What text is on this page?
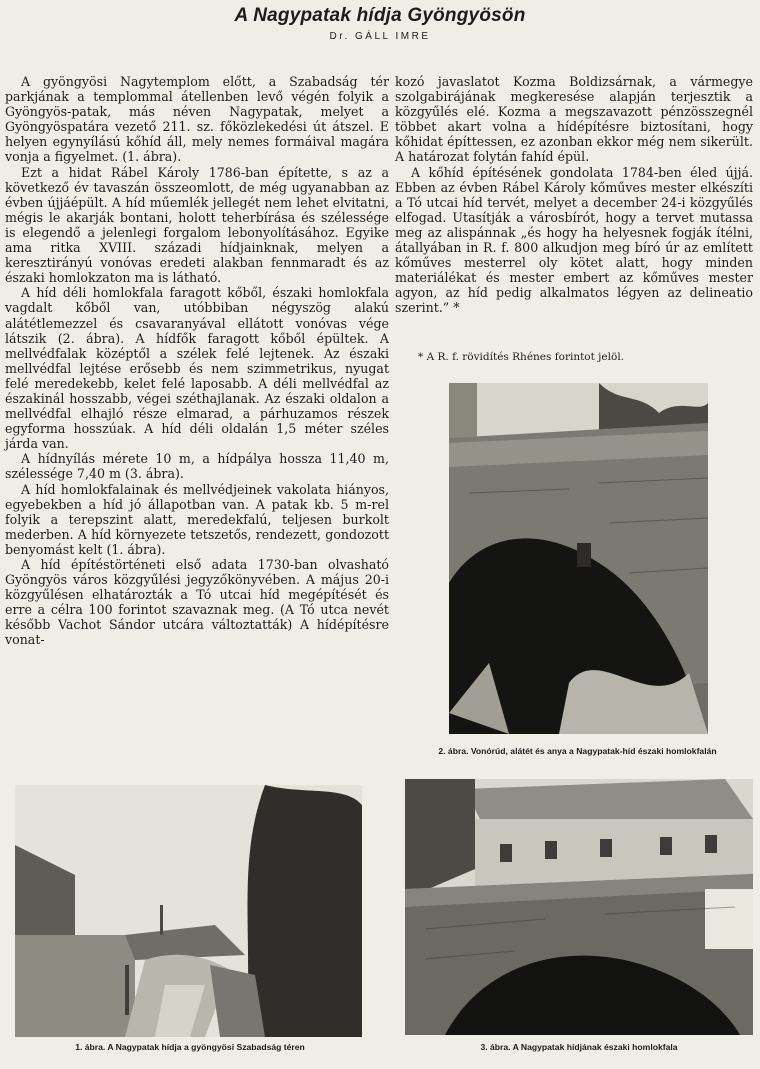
A Nagypatak hídja Gyöngyösön
Dr. GÁLL IMRE

A gyöngyösi Nagytemplom előtt, a Szabadság tér parkjának a templommal átellenben levő végén folyik a Gyöngyös-patak, más néven Nagypatak, melyet a Gyöngyöspatára vezető 211. sz. főközlekedési út átszel. E helyen egynyílású kőhíd áll, mely nemes formáival magára vonja a figyelmet. (1. ábra).

Ezt a hidat Rábel Károly 1786-ban építette, s az a következő év tavaszán összeomlott, de még ugyanabban az évben újjáépült. A híd műemlék jellegét nem lehet elvitatni, mégis le akarják bontani, holott teherbírása és szélessége is elegendő a jelenlegi forgalom lebonyolításához. Egyike ama ritka XVIII. századi hídjainknak, melyen a keresztirányú vonóvas eredeti alakban fennmaradt és az északi homlokzaton ma is látható.

A híd déli homlokfala faragott kőből, északi homlokfala vagdalt kőből van, utóbbiban négyszög alakú alátétlemezzel és csavaranyával ellátott vonóvas vége látszik (2. ábra). A hídfők faragott kőből épültek. A mellvédfalak középtől a szélek felé lejtenek. Az északi mellvédfal lejtése erősebb és nem szimmetrikus, nyugat felé meredekebb, kelet felé laposabb. A déli mellvédfal az északinál hosszabb, végei széthajlanak. Az északi oldalon a mellvédfal elhajló része elmarad, a párhuzamos részek egyforma hosszúak. A híd déli oldalán 1,5 méter széles járda van.

A hídnyílás mérete 10 m, a hídpálya hossza 11,40 m, szélessége 7,40 m (3. ábra).

A híd homlokfalainak és mellvédjeinek vakolata hiányos, egyebekben a híd jó állapotban van. A patak kb. 5 m-rel folyik a terepszint alatt, meredekfalú, teljesen burkolt mederben. A híd környezete tetszetős, rendezett, gondozott benyomást kelt (1. ábra).

A híd építéstörténeti első adata 1730-ban olvasható Gyöngyös város közgyűlési jegyzőkönyvében. A május 20-i közgyűlésen elhatározták a Tó utcai híd megépítését és erre a célra 100 forintot szavaznak meg. (A Tó utca nevét később Vachot Sándor utcára változtatták) A hídépítésre vonat-

kozó javaslatot Kozma Boldizsárnak, a vármegye szolgabirájának megkeresése alapján terjesztik a közgyűlés elé. Kozma a megszavazott pénzösszegnél többet akart volna a hídépítésre biztosítani, hogy kőhidat építtessen, ez azonban ekkor még nem sikerült. A határozat folytán fahíd épül.

A kőhíd építésének gondolata 1784-ben éled újjá. Ebben az évben Rábel Károly kőműves mester elkészíti a Tó utcai híd tervét, melyet a december 24-i közgyűlés elfogad. Utasítják a városbírót, hogy a tervet mutassa meg az alispánnak „és hogy ha helyesnek fogják ítélni, átallyában in R. f. 800 alkudjon meg bíró úr az említett kőműves mesterrel oly kötet alatt, hogy minden materiálékat és mester embert az kőműves mester agyon, az híd pedig alkalmatos légyen az delineatio szerint.” *

* A R. f. rövidítés Rhénes forintot jelöl.
2. ábra. Vonórúd, alátét és anya a Nagypatak-híd északi homlokfalán
1. ábra. A Nagypatak hídja a gyöngyösi Szabadság téren	3. ábra. A Nagypatak hídjának északi homlokfala
